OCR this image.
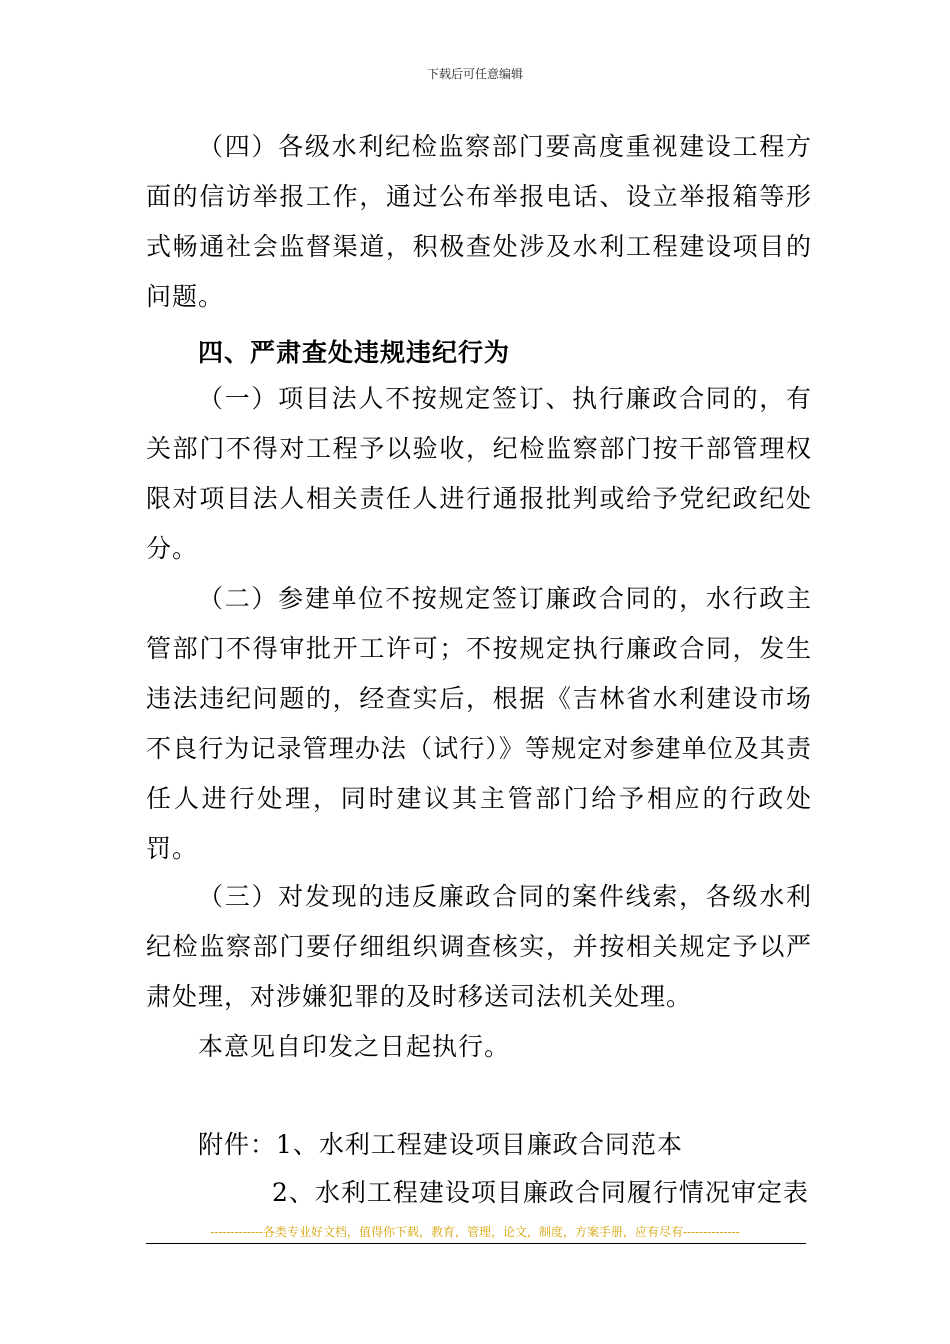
下载后可任意编辑

（四）各级水利纪检监察部门要高度重视建设工程方面的信访举报工作，通过公布举报电话、设立举报箱等形式畅通社会监督渠道，积极查处涉及水利工程建设项目的问题。

四、严肃查处违规违纪行为

（一）项目法人不按规定签订、执行廉政合同的，有关部门不得对工程予以验收，纪检监察部门按干部管理权限对项目法人相关责任人进行通报批判或给予党纪政纪处分。

（二）参建单位不按规定签订廉政合同的，水行政主管部门不得审批开工许可；不按规定执行廉政合同，发生违法违纪问题的，经查实后，根据《吉林省水利建设市场不良行为记录管理办法（试行）》等规定对参建单位及其责任人进行处理，同时建议其主管部门给予相应的行政处罚。

（三）对发现的违反廉政合同的案件线索，各级水利纪检监察部门要仔细组织调查核实，并按相关规定予以严肃处理，对涉嫌犯罪的及时移送司法机关处理。

本意见自印发之日起执行。
附件：1、水利工程建设项目廉政合同范本
2、水利工程建设项目廉政合同履行情况审定表
-------------各类专业好文档，值得你下载，教育，管理，论文，制度，方案手册，应有尽有--------------
